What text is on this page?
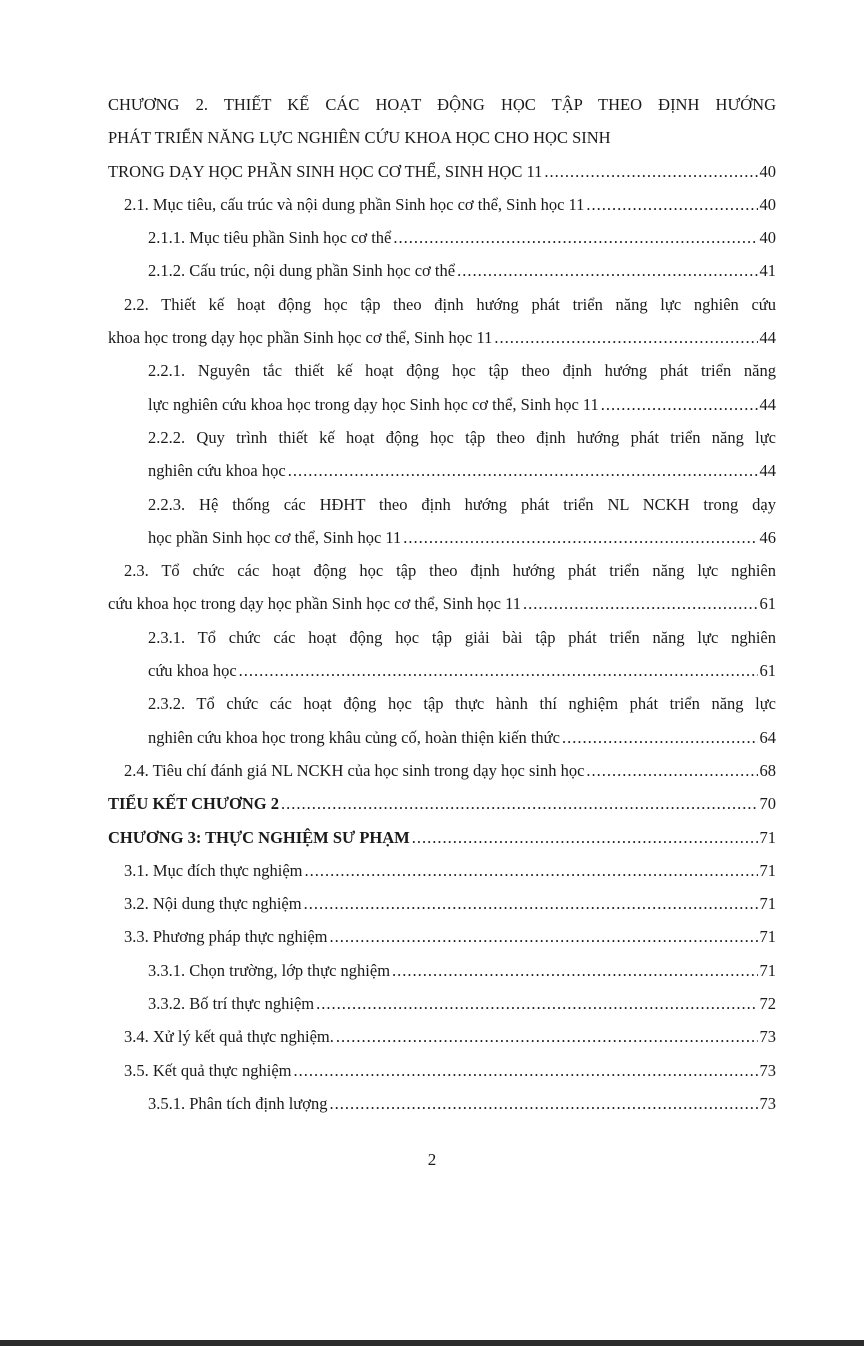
CHƯƠNG 2. THIẾT KẾ CÁC HOẠT ĐỘNG HỌC TẬP THEO ĐỊNH HƯỚNG
PHÁT TRIỂN NĂNG LỰC NGHIÊN CỨU KHOA HỌC CHO HỌC SINH
TRONG DẠY HỌC PHẦN SINH HỌC CƠ THỂ, SINH HỌC 11 .....	40
2.1. Mục tiêu, cấu trúc và nội dung phần Sinh học cơ thể, Sinh học 11 .....	40
2.1.1. Mục tiêu phần Sinh học cơ thể .....	40
2.1.2. Cấu trúc, nội dung phần Sinh học cơ thể .....	41
2.2. Thiết kế hoạt động học tập theo định hướng phát triển năng lực nghiên cứu
khoa học trong dạy học phần Sinh học cơ thể, Sinh học 11 .....	44
2.2.1. Nguyên tắc thiết kế hoạt động học tập theo định hướng phát triển năng
lực nghiên cứu khoa học trong dạy học Sinh học cơ thể, Sinh học 11 .....	44
2.2.2. Quy trình thiết kế hoạt động học tập theo định hướng phát triển năng lực
nghiên cứu khoa học .....	44
2.2.3. Hệ thống các HĐHT theo định hướng phát triển NL NCKH trong dạy
học phần Sinh học cơ thể, Sinh học 11 .....	46
2.3. Tổ chức các hoạt động học tập theo định hướng phát triển năng lực nghiên
cứu khoa học trong dạy học phần Sinh học cơ thể, Sinh học 11 .....	61
2.3.1. Tổ chức các hoạt động học tập giải bài tập phát triển năng lực nghiên
cứu khoa học .....	61
2.3.2. Tổ chức các hoạt động học tập thực hành thí nghiệm phát triển năng lực
nghiên cứu khoa học trong khâu củng cố, hoàn thiện kiến thức .....	64
2.4. Tiêu chí đánh giá NL NCKH của học sinh trong dạy học sinh học .....	68
TIỂU KẾT CHƯƠNG 2 .....	70
CHƯƠNG 3: THỰC NGHIỆM SƯ PHẠM .....	71
3.1. Mục đích thực nghiệm .....	71
3.2. Nội dung thực nghiệm .....	71
3.3. Phương pháp thực nghiệm .....	71
3.3.1. Chọn trường, lớp thực nghiệm .....	71
3.3.2. Bố trí thực nghiệm .....	72
3.4. Xử lý kết quả thực nghiệm. .....	73
3.5. Kết quả thực nghiệm .....	73
3.5.1. Phân tích định lượng .....	73
2
